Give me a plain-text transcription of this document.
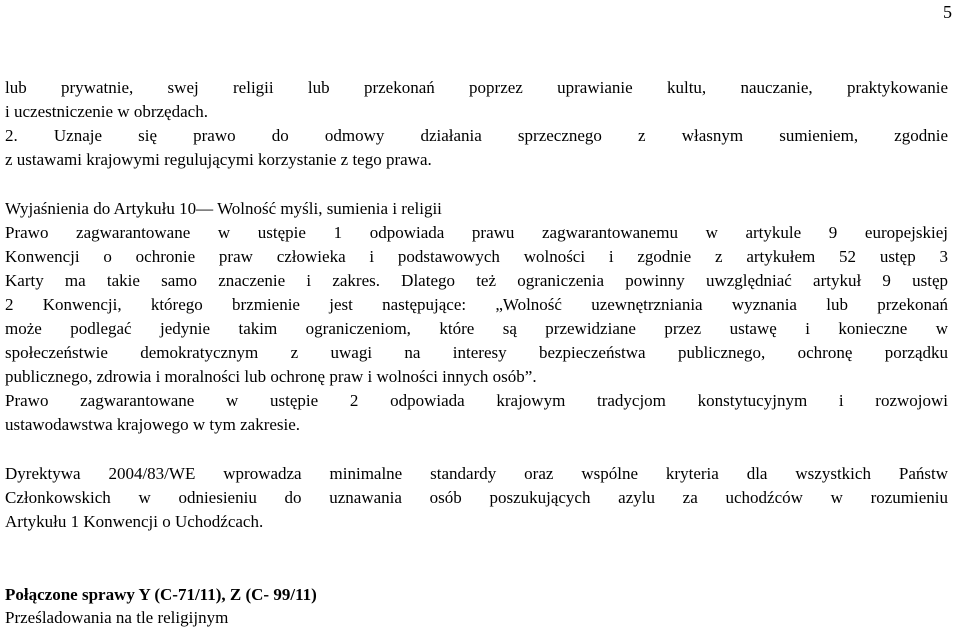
5
lub prywatnie, swej religii lub przekonań poprzez uprawianie kultu, nauczanie, praktykowanie
i uczestniczenie w obrzędach.
2. Uznaje się prawo do odmowy działania sprzecznego z własnym sumieniem, zgodnie
z ustawami krajowymi regulującymi korzystanie z tego prawa.
Wyjaśnienia do Artykułu 10— Wolność myśli, sumienia i religii
Prawo zagwarantowane w ustępie 1 odpowiada prawu zagwarantowanemu w artykule 9 europejskiej
Konwencji o ochronie praw człowieka i podstawowych wolności i zgodnie z artykułem 52 ustęp 3
Karty ma takie samo znaczenie i zakres. Dlatego też ograniczenia powinny uwzględniać artykuł 9 ustęp
2 Konwencji, którego brzmienie jest następujące: „Wolność uzewnętrzniania wyznania lub przekonań
może podlegać jedynie takim ograniczeniom, które są przewidziane przez ustawę i konieczne w
społeczeństwie demokratycznym z uwagi na interesy bezpieczeństwa publicznego, ochronę porządku
publicznego, zdrowia i moralności lub ochronę praw i wolności innych osób”.
Prawo zagwarantowane w ustępie 2 odpowiada krajowym tradycjom konstytucyjnym i rozwojowi
ustawodawstwa krajowego w tym zakresie.
Dyrektywa 2004/83/WE wprowadza minimalne standardy oraz wspólne kryteria dla wszystkich Państw
Członkowskich w odniesieniu do uznawania osób poszukujących azylu za uchodźców w rozumieniu
Artykułu 1 Konwencji o Uchodźcach.
Połączone sprawy Y (C-71/11), Z (C- 99/11)
Prześladowania na tle religijnym
